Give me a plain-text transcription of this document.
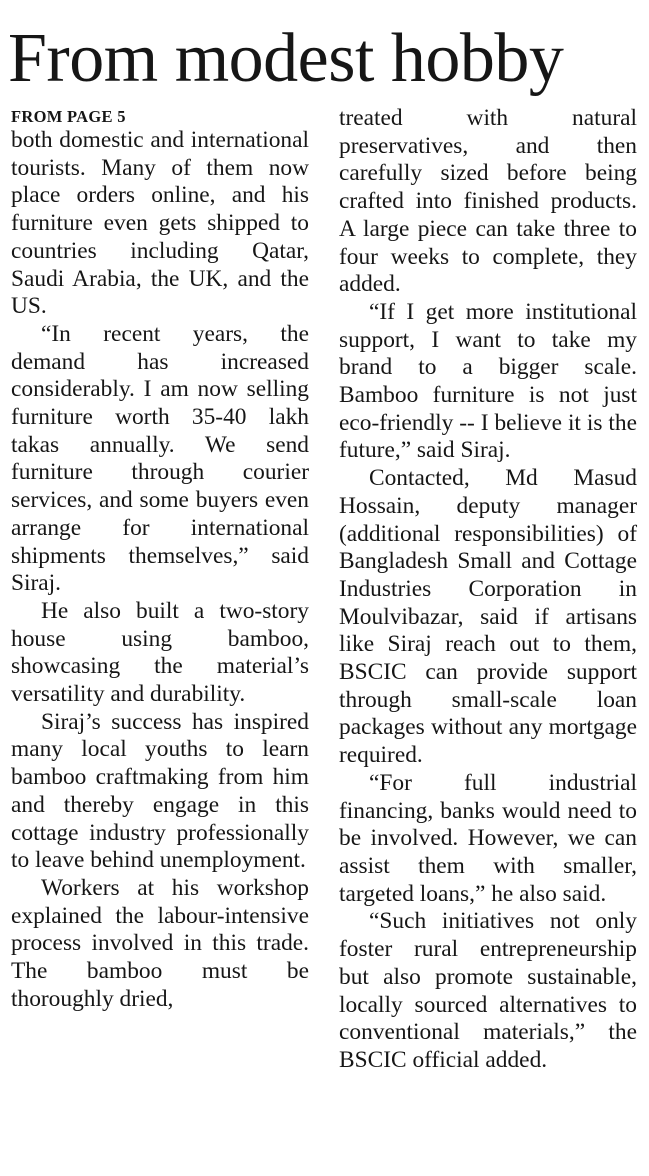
From modest hobby
FROM PAGE 5

both domestic and international tourists. Many of them now place orders online, and his furniture even gets shipped to countries including Qatar, Saudi Arabia, the UK, and the US.

“In recent years, the demand has increased considerably. I am now selling furniture worth 35-40 lakh takas annually. We send furniture through courier services, and some buyers even arrange for international shipments themselves,” said Siraj.

He also built a two-story house using bamboo, showcasing the material’s versatility and durability.

Siraj’s success has inspired many local youths to learn bamboo craftmaking from him and thereby engage in this cottage industry professionally to leave behind unemployment.

Workers at his workshop explained the labour-intensive process involved in this trade. The bamboo must be thoroughly dried,

treated with natural preservatives, and then carefully sized before being crafted into finished products. A large piece can take three to four weeks to complete, they added.

“If I get more institutional support, I want to take my brand to a bigger scale. Bamboo furniture is not just eco-friendly -- I believe it is the future,” said Siraj.

Contacted, Md Masud Hossain, deputy manager (additional responsibilities) of Bangladesh Small and Cottage Industries Corporation in Moulvibazar, said if artisans like Siraj reach out to them, BSCIC can provide support through small-scale loan packages without any mortgage required.

“For full industrial financing, banks would need to be involved. However, we can assist them with smaller, targeted loans,” he also said.

“Such initiatives not only foster rural entrepreneurship but also promote sustainable, locally sourced alternatives to conventional materials,” the BSCIC official added.
